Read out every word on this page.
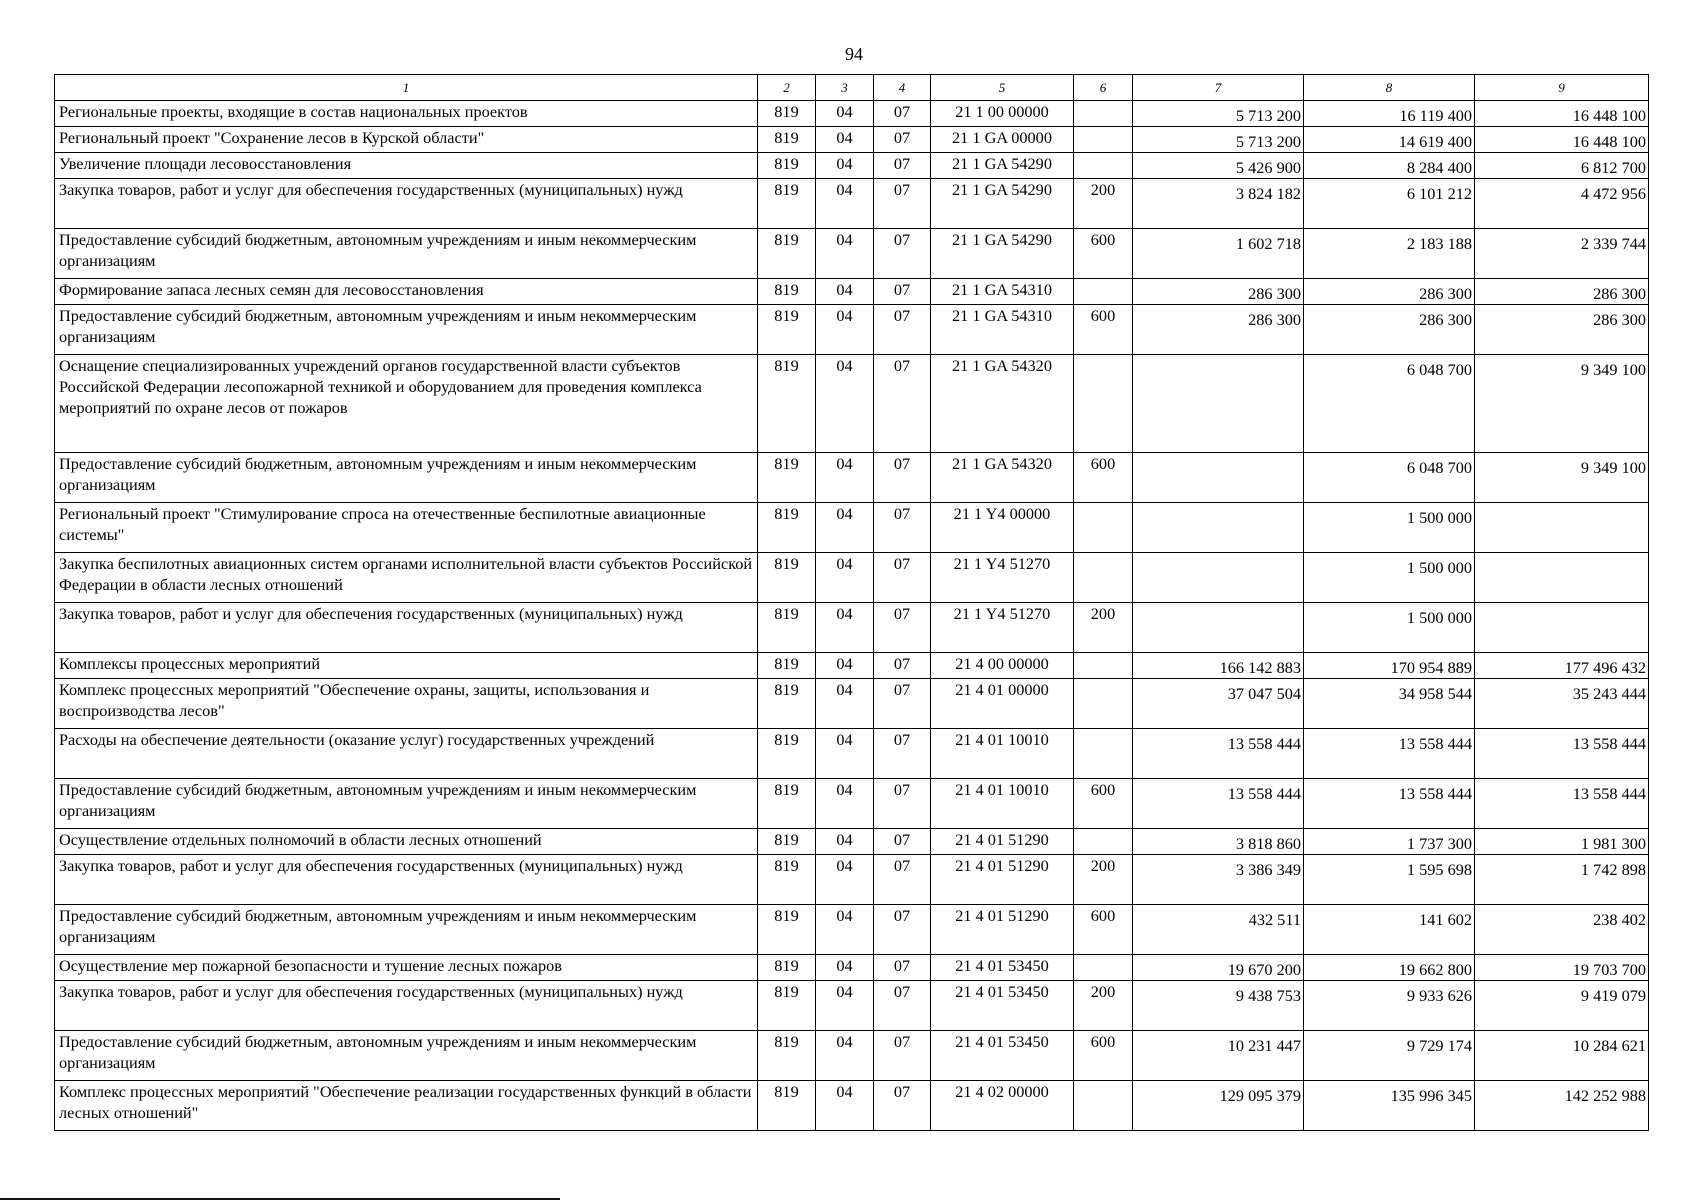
94
1	2	3	4	5	6	7	8	9
Региональные проекты, входящие в состав национальных проектов	819	04	07	21 1 00 00000		5 713 200	16 119 400	16 448 100
Региональный проект "Сохранение лесов в Курской области"	819	04	07	21 1 GA 00000		5 713 200	14 619 400	16 448 100
Увеличение площади лесовосстановления	819	04	07	21 1 GA 54290		5 426 900	8 284 400	6 812 700
Закупка товаров, работ и услуг для обеспечения государственных (муниципальных) нужд	819	04	07	21 1 GA 54290	200	3 824 182	6 101 212	4 472 956
Предоставление субсидий бюджетным, автономным учреждениям и иным некоммерческим организациям	819	04	07	21 1 GA 54290	600	1 602 718	2 183 188	2 339 744
Формирование запаса лесных семян для лесовосстановления	819	04	07	21 1 GA 54310		286 300	286 300	286 300
Предоставление субсидий бюджетным, автономным учреждениям и иным некоммерческим организациям	819	04	07	21 1 GA 54310	600	286 300	286 300	286 300
Оснащение специализированных учреждений органов государственной власти субъектов Российской Федерации лесопожарной техникой и оборудованием для проведения комплекса мероприятий по охране лесов от пожаров	819	04	07	21 1 GA 54320			6 048 700	9 349 100
Предоставление субсидий бюджетным, автономным учреждениям и иным некоммерческим организациям	819	04	07	21 1 GA 54320	600		6 048 700	9 349 100
Региональный проект "Стимулирование спроса на отечественные беспилотные авиационные системы"	819	04	07	21 1 Y4 00000			1 500 000	
Закупка беспилотных авиационных систем органами исполнительной власти субъектов Российской Федерации в области лесных отношений	819	04	07	21 1 Y4 51270			1 500 000	
Закупка товаров, работ и услуг для обеспечения государственных (муниципальных) нужд	819	04	07	21 1 Y4 51270	200		1 500 000	
Комплексы процессных мероприятий	819	04	07	21 4 00 00000		166 142 883	170 954 889	177 496 432
Комплекс процессных мероприятий "Обеспечение охраны, защиты, использования и воспроизводства лесов"	819	04	07	21 4 01 00000		37 047 504	34 958 544	35 243 444
Расходы на обеспечение деятельности (оказание услуг) государственных учреждений	819	04	07	21 4 01 10010		13 558 444	13 558 444	13 558 444
Предоставление субсидий бюджетным, автономным учреждениям и иным некоммерческим организациям	819	04	07	21 4 01 10010	600	13 558 444	13 558 444	13 558 444
Осуществление отдельных полномочий в области лесных отношений	819	04	07	21 4 01 51290		3 818 860	1 737 300	1 981 300
Закупка товаров, работ и услуг для обеспечения государственных (муниципальных) нужд	819	04	07	21 4 01 51290	200	3 386 349	1 595 698	1 742 898
Предоставление субсидий бюджетным, автономным учреждениям и иным некоммерческим организациям	819	04	07	21 4 01 51290	600	432 511	141 602	238 402
Осуществление мер пожарной безопасности и тушение лесных пожаров	819	04	07	21 4 01 53450		19 670 200	19 662 800	19 703 700
Закупка товаров, работ и услуг для обеспечения государственных (муниципальных) нужд	819	04	07	21 4 01 53450	200	9 438 753	9 933 626	9 419 079
Предоставление субсидий бюджетным, автономным учреждениям и иным некоммерческим организациям	819	04	07	21 4 01 53450	600	10 231 447	9 729 174	10 284 621
Комплекс процессных мероприятий "Обеспечение реализации государственных функций в области лесных отношений"	819	04	07	21 4 02 00000		129 095 379	135 996 345	142 252 988
